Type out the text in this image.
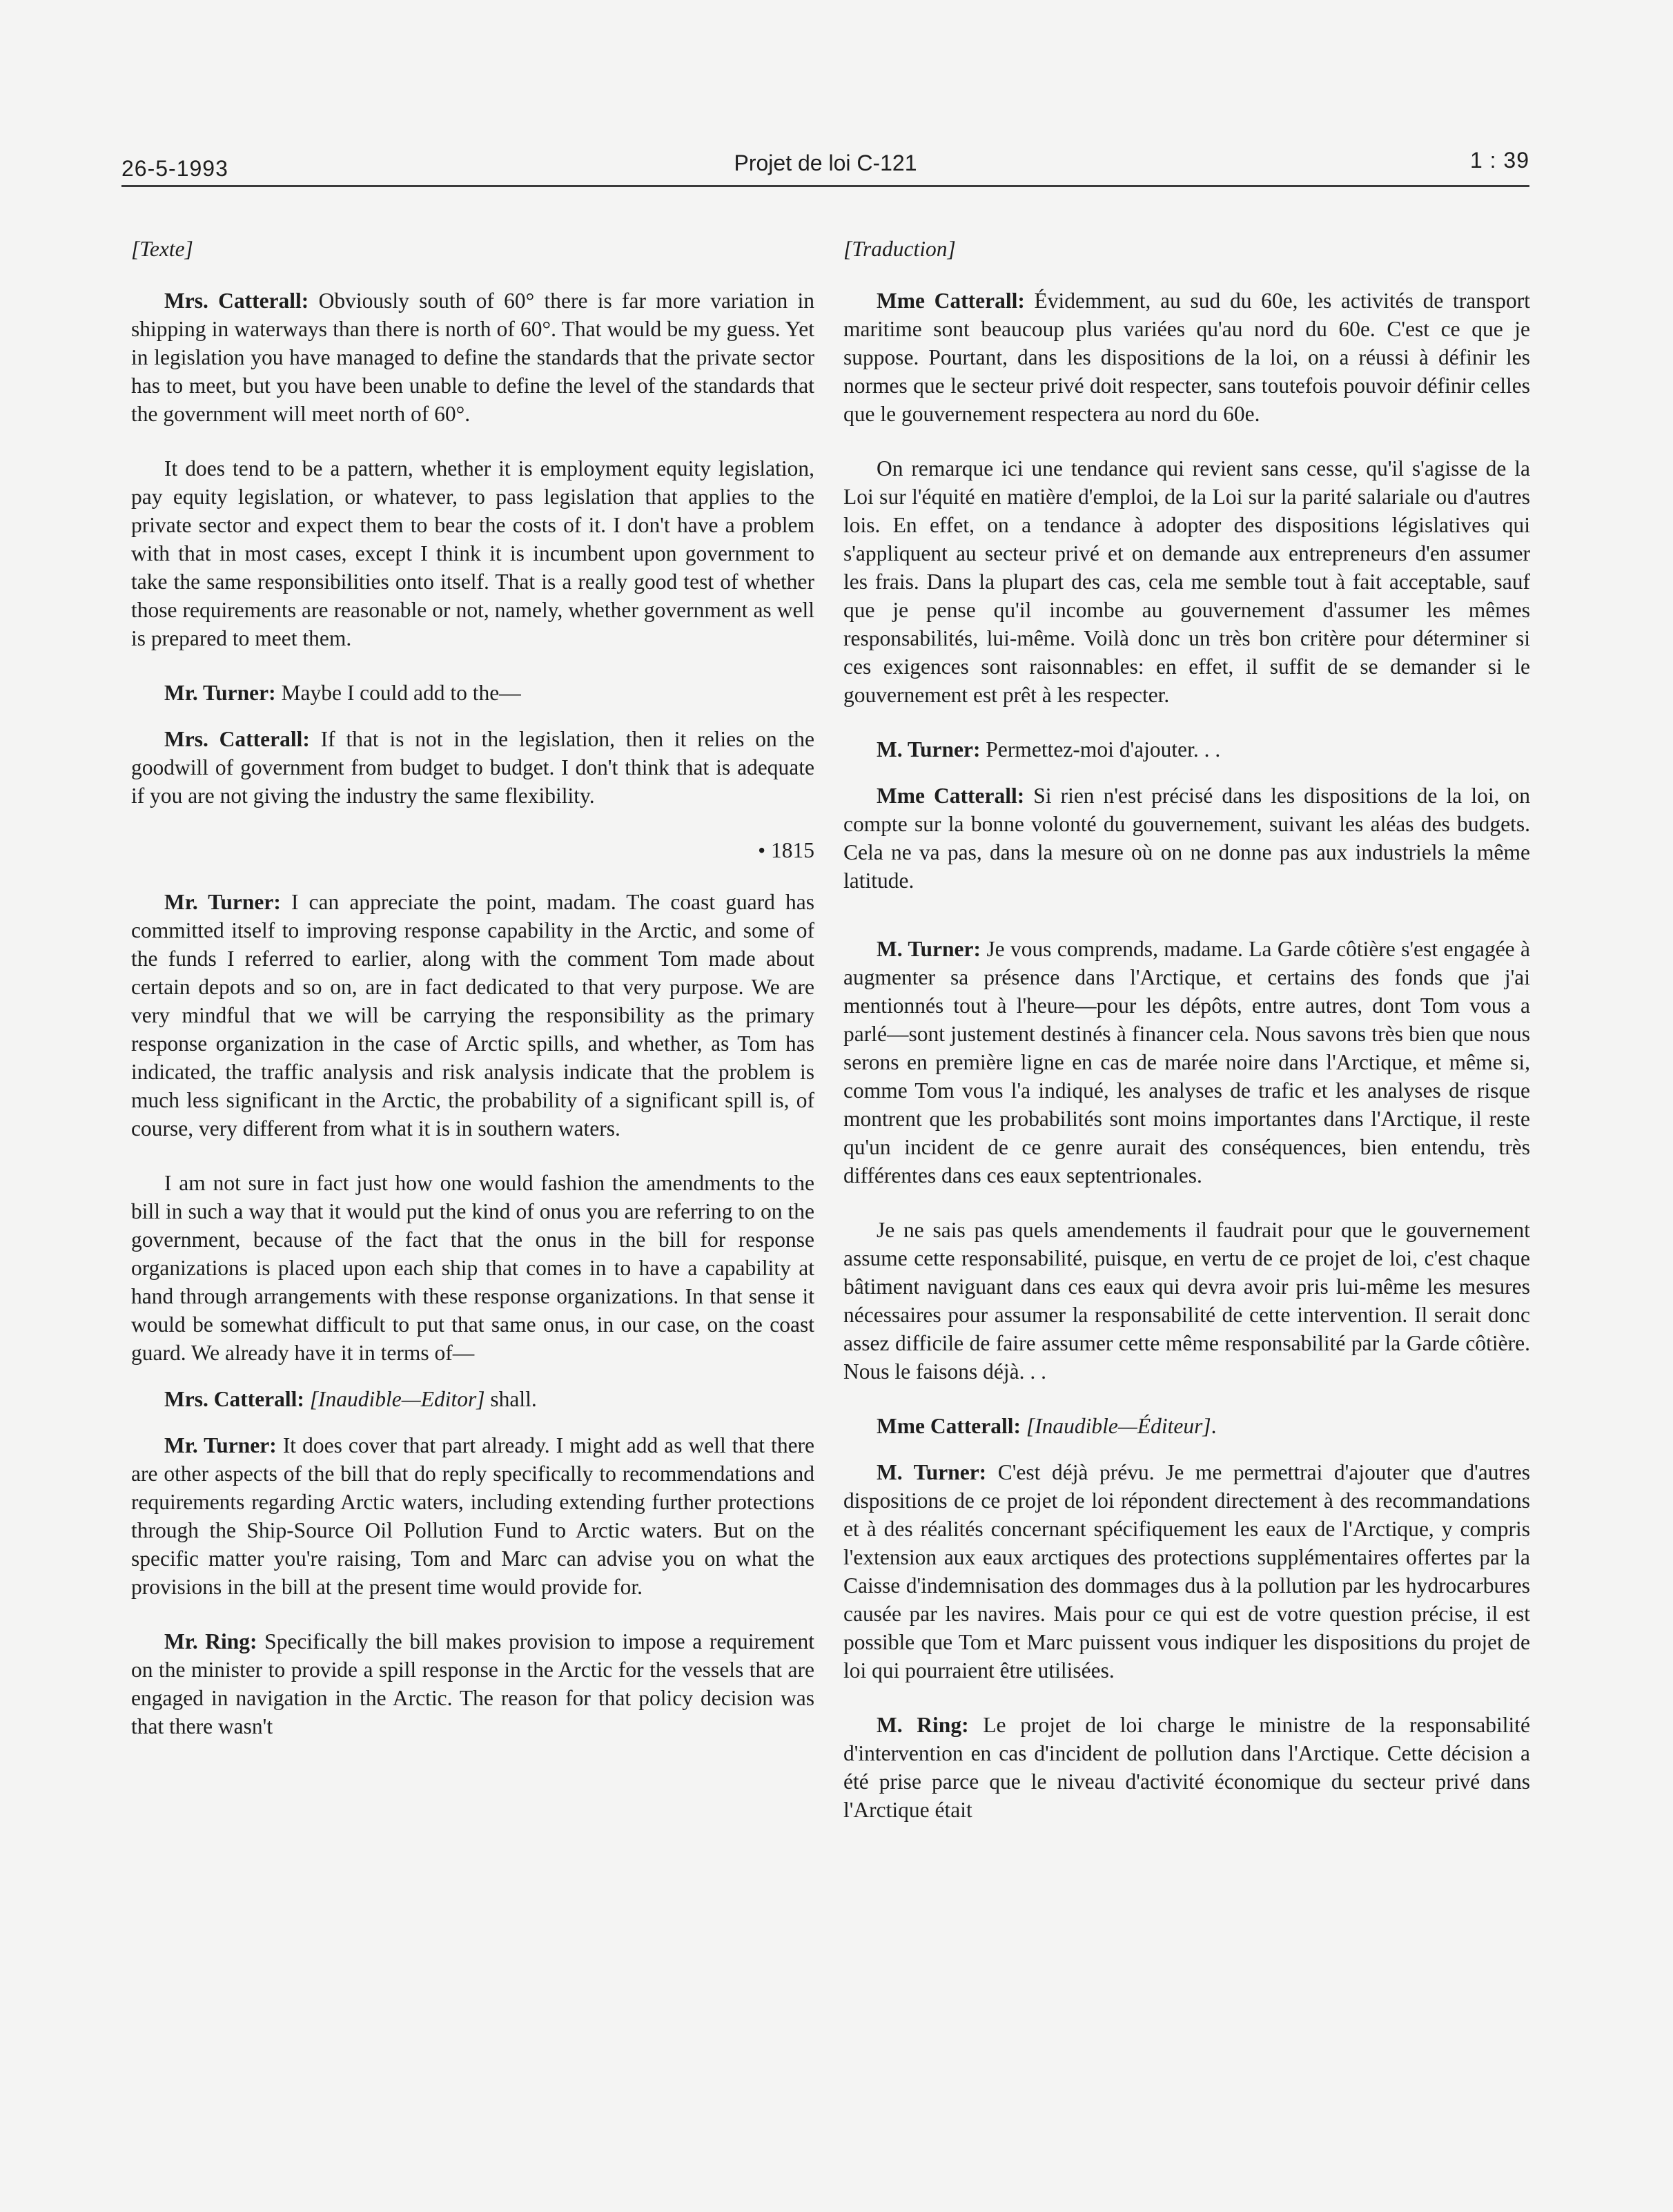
26-5-1993	Projet de loi C-121	1 : 39

[Texte]

Mrs. Catterall: Obviously south of 60° there is far more variation in shipping in waterways than there is north of 60°. That would be my guess. Yet in legislation you have managed to define the standards that the private sector has to meet, but you have been unable to define the level of the standards that the government will meet north of 60°.

It does tend to be a pattern, whether it is employment equity legislation, pay equity legislation, or whatever, to pass legislation that applies to the private sector and expect them to bear the costs of it. I don't have a problem with that in most cases, except I think it is incumbent upon government to take the same responsibilities onto itself. That is a really good test of whether those requirements are reasonable or not, namely, whether government as well is prepared to meet them.

Mr. Turner: Maybe I could add to the—

Mrs. Catterall: If that is not in the legislation, then it relies on the goodwill of government from budget to budget. I don't think that is adequate if you are not giving the industry the same flexibility.

• 1815

Mr. Turner: I can appreciate the point, madam. The coast guard has committed itself to improving response capability in the Arctic, and some of the funds I referred to earlier, along with the comment Tom made about certain depots and so on, are in fact dedicated to that very purpose. We are very mindful that we will be carrying the responsibility as the primary response organization in the case of Arctic spills, and whether, as Tom has indicated, the traffic analysis and risk analysis indicate that the problem is much less significant in the Arctic, the probability of a significant spill is, of course, very different from what it is in southern waters.

I am not sure in fact just how one would fashion the amendments to the bill in such a way that it would put the kind of onus you are referring to on the government, because of the fact that the onus in the bill for response organizations is placed upon each ship that comes in to have a capability at hand through arrangements with these response organizations. In that sense it would be somewhat difficult to put that same onus, in our case, on the coast guard. We already have it in terms of—

Mrs. Catterall: [Inaudible—Editor] shall.

Mr. Turner: It does cover that part already. I might add as well that there are other aspects of the bill that do reply specifically to recommendations and requirements regarding Arctic waters, including extending further protections through the Ship-Source Oil Pollution Fund to Arctic waters. But on the specific matter you're raising, Tom and Marc can advise you on what the provisions in the bill at the present time would provide for.

Mr. Ring: Specifically the bill makes provision to impose a requirement on the minister to provide a spill response in the Arctic for the vessels that are engaged in navigation in the Arctic. The reason for that policy decision was that there wasn't

[Traduction]

Mme Catterall: Évidemment, au sud du 60e, les activités de transport maritime sont beaucoup plus variées qu'au nord du 60e. C'est ce que je suppose. Pourtant, dans les dispositions de la loi, on a réussi à définir les normes que le secteur privé doit respecter, sans toutefois pouvoir définir celles que le gouvernement respectera au nord du 60e.

On remarque ici une tendance qui revient sans cesse, qu'il s'agisse de la Loi sur l'équité en matière d'emploi, de la Loi sur la parité salariale ou d'autres lois. En effet, on a tendance à adopter des dispositions législatives qui s'appliquent au secteur privé et on demande aux entrepreneurs d'en assumer les frais. Dans la plupart des cas, cela me semble tout à fait acceptable, sauf que je pense qu'il incombe au gouvernement d'assumer les mêmes responsabilités, lui-même. Voilà donc un très bon critère pour déterminer si ces exigences sont raisonnables: en effet, il suffit de se demander si le gouvernement est prêt à les respecter.

M. Turner: Permettez-moi d'ajouter. . .

Mme Catterall: Si rien n'est précisé dans les dispositions de la loi, on compte sur la bonne volonté du gouvernement, suivant les aléas des budgets. Cela ne va pas, dans la mesure où on ne donne pas aux industriels la même latitude.

M. Turner: Je vous comprends, madame. La Garde côtière s'est engagée à augmenter sa présence dans l'Arctique, et certains des fonds que j'ai mentionnés tout à l'heure—pour les dépôts, entre autres, dont Tom vous a parlé—sont justement destinés à financer cela. Nous savons très bien que nous serons en première ligne en cas de marée noire dans l'Arctique, et même si, comme Tom vous l'a indiqué, les analyses de trafic et les analyses de risque montrent que les probabilités sont moins importantes dans l'Arctique, il reste qu'un incident de ce genre aurait des conséquences, bien entendu, très différentes dans ces eaux septentrionales.

Je ne sais pas quels amendements il faudrait pour que le gouvernement assume cette responsabilité, puisque, en vertu de ce projet de loi, c'est chaque bâtiment naviguant dans ces eaux qui devra avoir pris lui-même les mesures nécessaires pour assumer la responsabilité de cette intervention. Il serait donc assez difficile de faire assumer cette même responsabilité par la Garde côtière. Nous le faisons déjà. . .

Mme Catterall: [Inaudible—Éditeur].

M. Turner: C'est déjà prévu. Je me permettrai d'ajouter que d'autres dispositions de ce projet de loi répondent directement à des recommandations et à des réalités concernant spécifiquement les eaux de l'Arctique, y compris l'extension aux eaux arctiques des protections supplémentaires offertes par la Caisse d'indemnisation des dommages dus à la pollution par les hydrocarbures causée par les navires. Mais pour ce qui est de votre question précise, il est possible que Tom et Marc puissent vous indiquer les dispositions du projet de loi qui pourraient être utilisées.

M. Ring: Le projet de loi charge le ministre de la responsabilité d'intervention en cas d'incident de pollution dans l'Arctique. Cette décision a été prise parce que le niveau d'activité économique du secteur privé dans l'Arctique était
